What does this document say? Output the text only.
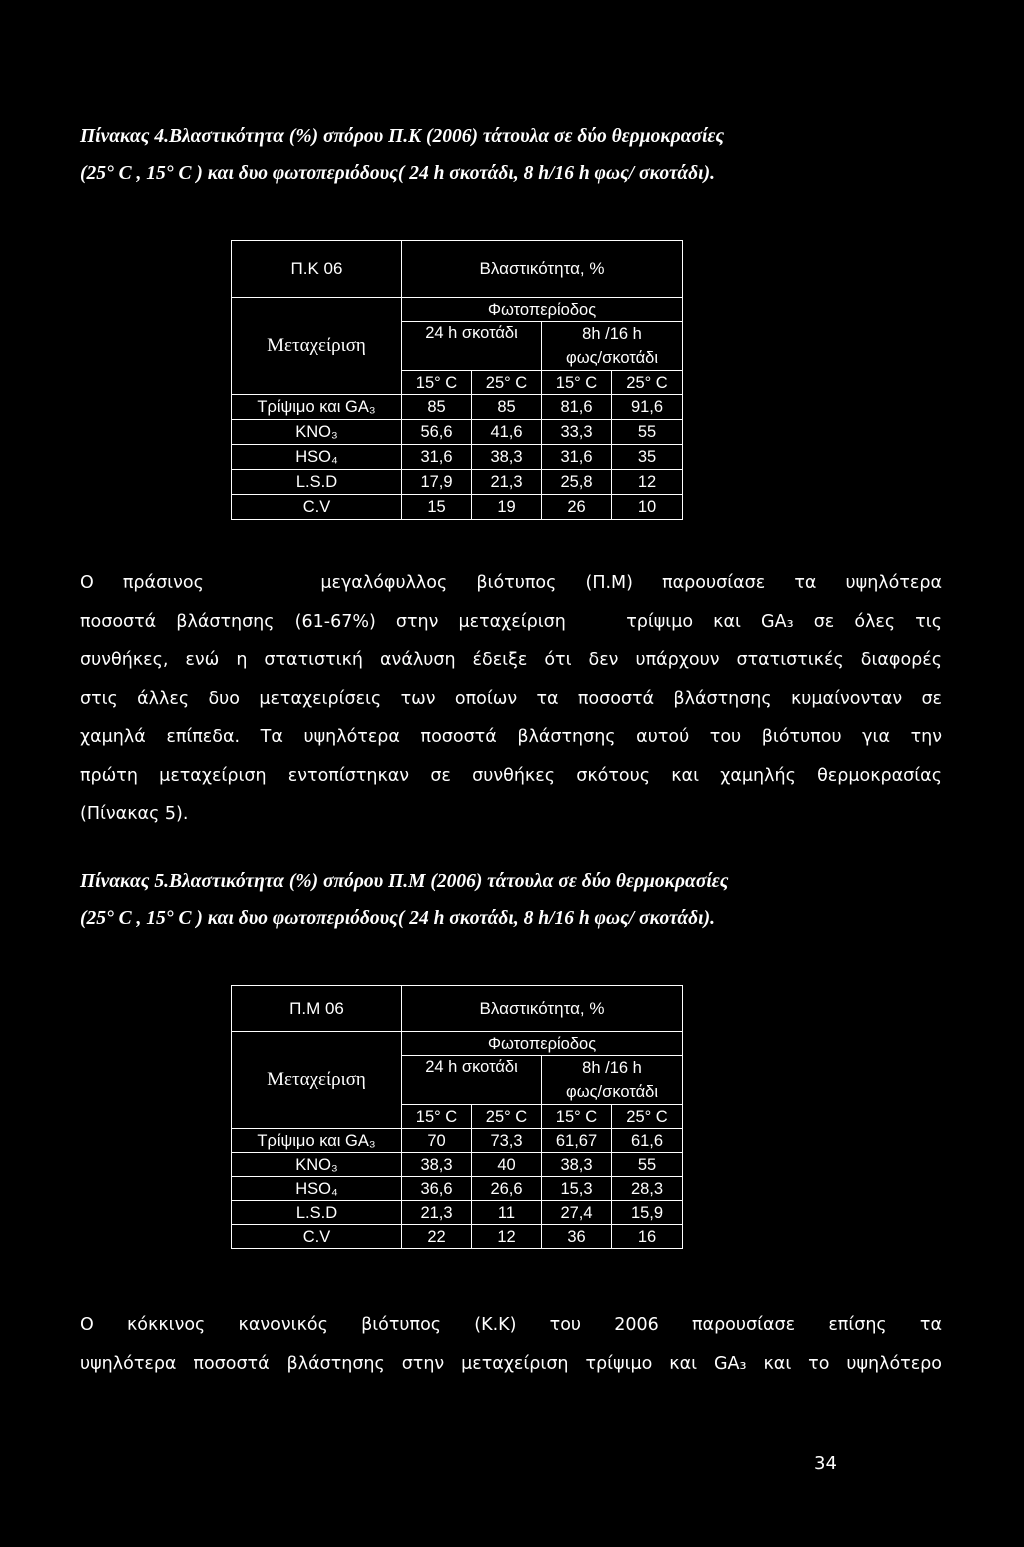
Πίνακας 4.Βλαστικότητα (%) σπόρου Π.Κ (2006) τάτουλα σε δύο θερμοκρασίες
(25° C , 15° C ) και δυο φωτοπεριόδους( 24 h σκοτάδι, 8 h/16 h φως/ σκοτάδι).
Π.Κ 06	Βλαστικότητα, %			
Μεταχείριση	Φωτοπερίοδος			
	24 h σκοτάδι		8h /16 h
φως/σκοτάδι	

	15° C	25° C	15° C	25° C
Τρίψιμο και GA₃	85	85	81,6	91,6
KNO₃	56,6	41,6	33,3	55
HSO₄	31,6	38,3	31,6	35
L.S.D	17,9	21,3	25,8	12
C.V	15	19	26	10
Ο πράσινος    μεγαλόφυλλος βιότυπος (Π.Μ) παρουσίασε τα υψηλότερα
ποσοστά βλάστησης (61-67%) στην μεταχείριση   τρίψιμο και GA₃ σε όλες τις
συνθήκες, ενώ η στατιστική ανάλυση έδειξε ότι δεν υπάρχουν στατιστικές διαφορές
στις άλλες δυο μεταχειρίσεις των οποίων τα ποσοστά βλάστησης κυμαίνονταν σε
χαμηλά επίπεδα. Τα υψηλότερα ποσοστά βλάστησης αυτού του βιότυπου για την
πρώτη μεταχείριση εντοπίστηκαν σε συνθήκες σκότους και χαμηλής θερμοκρασίας
(Πίνακας 5).
Πίνακας 5.Βλαστικότητα (%) σπόρου Π.Μ (2006) τάτουλα σε δύο θερμοκρασίες
(25° C , 15° C ) και δυο φωτοπεριόδους( 24 h σκοτάδι, 8 h/16 h φως/ σκοτάδι).
Π.Μ 06	Βλαστικότητα, %			
Μεταχείριση	Φωτοπερίοδος			
	24 h σκοτάδι		8h /16 h
φως/σκοτάδι	

	15° C	25° C	15° C	25° C
Τρίψιμο και GA₃	70	73,3	61,67	61,6
KNO₃	38,3	40	38,3	55
HSO₄	36,6	26,6	15,3	28,3
L.S.D	21,3	11	27,4	15,9
C.V	22	12	36	16
Ο κόκκινος κανονικός βιότυπος (Κ.Κ) του 2006 παρουσίασε επίσης τα
υψηλότερα ποσοστά βλάστησης στην μεταχείριση τρίψιμο και GA₃ και το υψηλότερο
34
